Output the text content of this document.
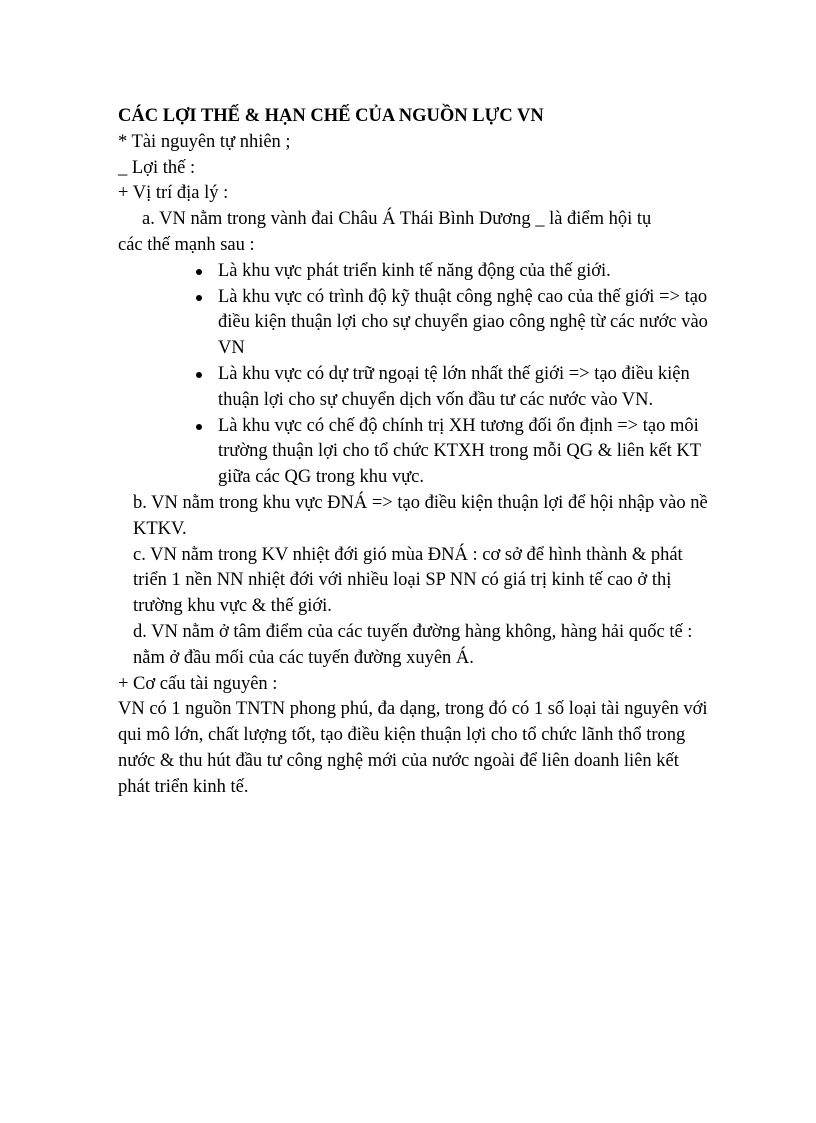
CÁC LỢI THẾ & HẠN CHẾ CỦA NGUỒN LỰC VN

* Tài nguyên tự nhiên ;

_ Lợi thế :

+ Vị trí địa lý :

a. VN nằm trong vành đai Châu Á Thái Bình Dương _ là điểm hội tụ

các thế mạnh sau :

Là khu vực phát triển kinh tế năng động của thế giới.
Là khu vực có trình độ kỹ thuật công nghệ cao của thế giới => tạo điều kiện thuận lợi cho sự chuyển giao công nghệ từ các nước vào VN
Là khu vực có dự trữ ngoại tệ lớn nhất thế giới => tạo điều kiện thuận lợi cho sự chuyển dịch vốn đầu tư các nước vào VN.
Là khu vực có chế độ chính trị XH tương đối ổn định => tạo môi trường thuận lợi cho tổ chức KTXH trong mỗi QG & liên kết KT giữa các QG trong khu vực.

b. VN nằm trong khu vực ĐNÁ => tạo điều kiện thuận lợi để hội nhập vào nề KTKV.

c. VN nằm trong KV nhiệt đới gió mùa ĐNÁ : cơ sở để hình thành & phát triển 1 nền NN nhiệt đới với nhiều loại SP NN có giá trị kinh tế cao ở thị trường khu vực & thế giới.

d. VN nằm ở tâm điểm của các tuyến đường hàng không, hàng hải quốc tế : nằm ở đầu mối của các tuyến đường xuyên Á.

+ Cơ cấu tài nguyên :

VN có 1 nguồn TNTN phong phú, đa dạng, trong đó có 1 số loại tài nguyên với qui mô lớn, chất lượng tốt, tạo điều kiện thuận lợi cho tổ chức lãnh thổ trong nước & thu hút đầu tư công nghệ mới của nước ngoài để liên doanh liên kết phát triển kinh tế.
